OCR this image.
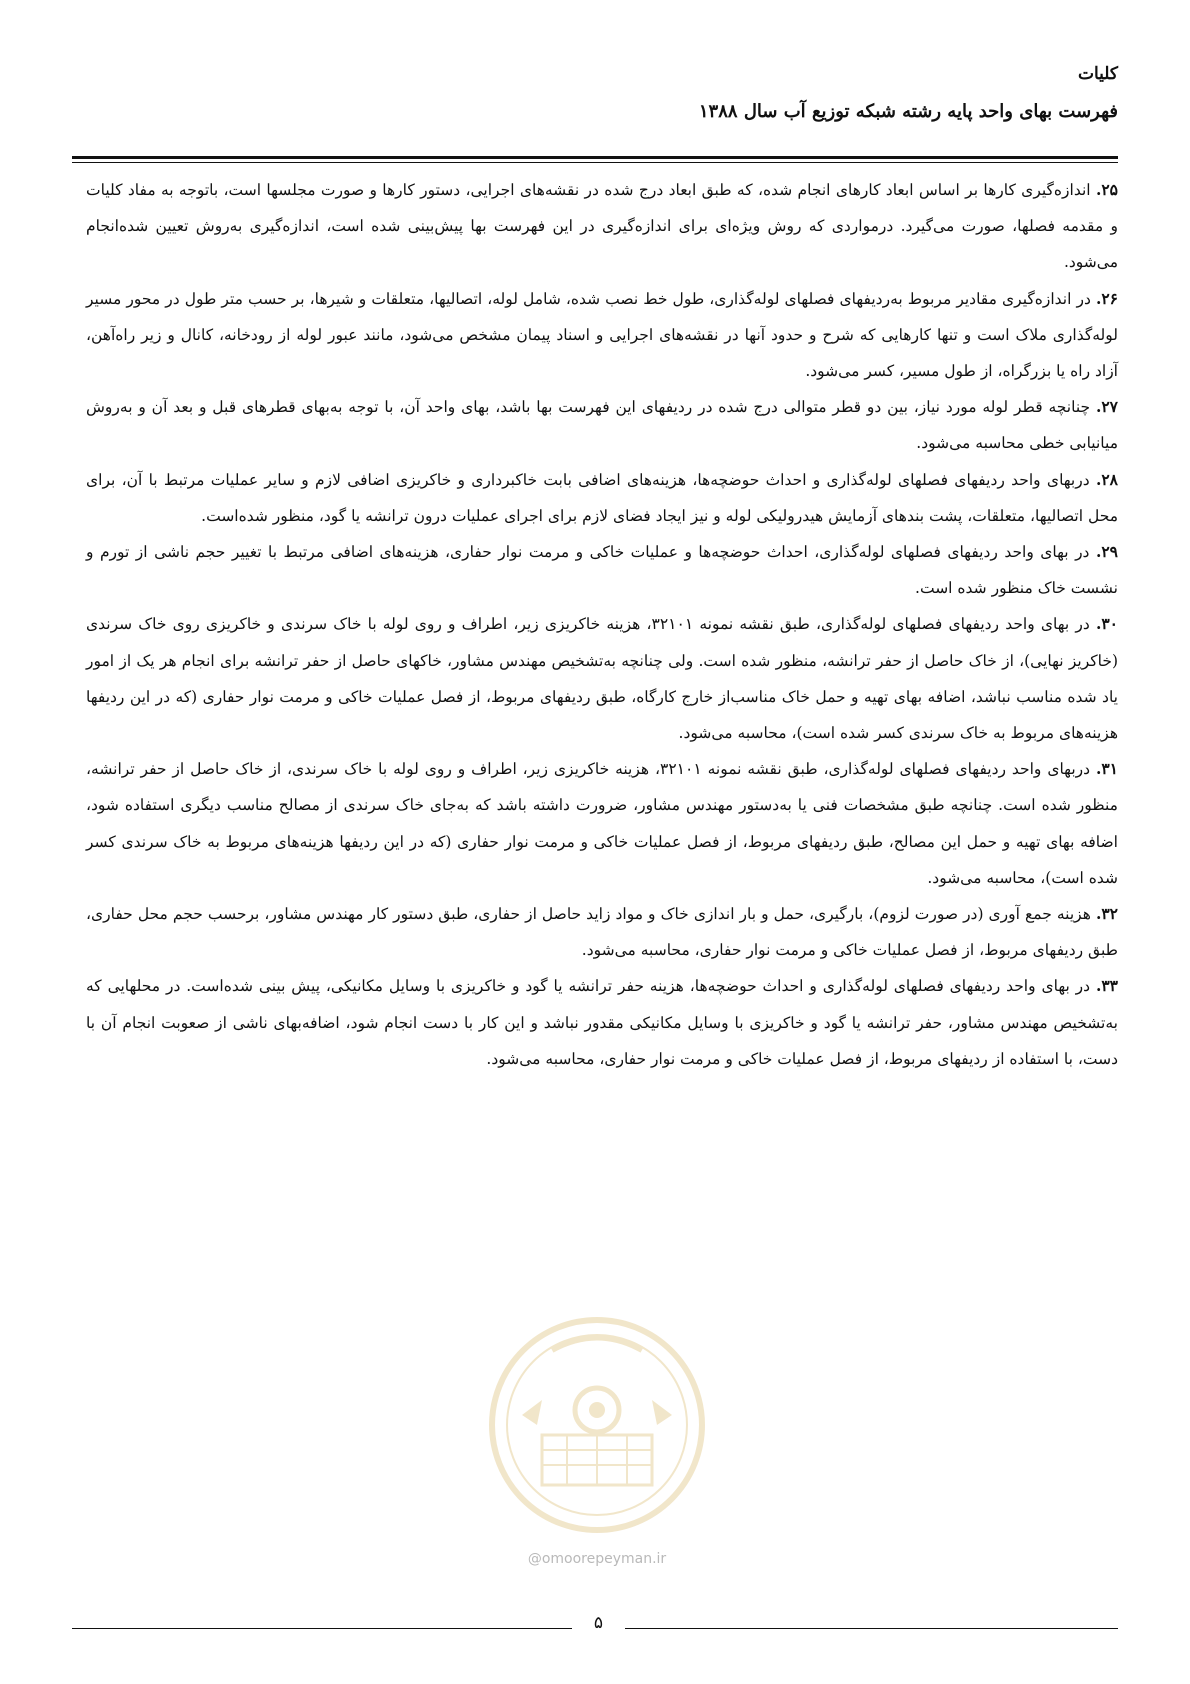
کلیات

فهرست بهای واحد پایه رشته شبکه توزیع آب سال ۱۳۸۸

۲۵. اندازه‌گیری کارها بر اساس ابعاد کارهای انجام شده، که طبق ابعاد درج شده در نقشه‌های اجرایی، دستور کارها و صورت مجلسها است، باتوجه به مفاد کلیات و مقدمه فصلها، صورت می‌گیرد. درمواردی که روش ویژه‌ای برای اندازه‌گیری در این فهرست بها پیش‌بینی شده است، اندازه‌گیری به‌روش تعیین شده‌انجام می‌شود.

۲۶. در اندازه‌گیری مقادیر مربوط به‌ردیفهای فصلهای لوله‌گذاری، طول خط نصب شده، شامل لوله، اتصالیها، متعلقات و شیرها، بر حسب متر طول در محور مسیر لوله‌گذاری ملاک است و تنها کارهایی که شرح و حدود آنها در نقشه‌های اجرایی و اسناد پیمان مشخص می‌شود، مانند عبور لوله از رودخانه، کانال و زیر راه‌آهن، آزاد راه یا بزرگراه، از طول مسیر، کسر می‌شود.

۲۷. چنانچه قطر لوله مورد نیاز، بین دو قطر متوالی درج شده در ردیفهای این فهرست بها باشد، بهای واحد آن، با توجه به‌بهای قطرهای قبل و بعد آن و به‌روش میانیابی خطی محاسبه می‌شود.

۲۸. دربهای واحد ردیفهای فصلهای لوله‌گذاری و احداث حوضچه‌ها، هزینه‌های اضافی بابت خاکبرداری و خاکریزی اضافی لازم و سایر عملیات مرتبط با آن، برای محل اتصالیها، متعلقات، پشت بندهای آزمایش هیدرولیکی لوله و نیز ایجاد فضای لازم برای اجرای عملیات درون ترانشه یا گود، منظور شده‌است.

۲۹. در بهای واحد ردیفهای فصلهای لوله‌گذاری، احداث حوضچه‌ها و عملیات خاکی و مرمت نوار حفاری، هزینه‌های اضافی مرتبط با تغییر حجم ناشی از تورم و نشست خاک منظور شده است.

۳۰. در بهای واحد ردیفهای فصلهای لوله‌گذاری، طبق نقشه نمونه ۳۲۱۰۱، هزینه خاکریزی زیر، اطراف و روی لوله با خاک سرندی و خاکریزی روی خاک سرندی (خاکریز نهایی)، از خاک حاصل از حفر ترانشه، منظور شده است. ولی چنانچه به‌تشخیص مهندس مشاور، خاکهای حاصل از حفر ترانشه برای انجام هر یک از امور یاد شده مناسب نباشد، اضافه بهای تهیه و حمل خاک مناسب‌از خارج کارگاه، طبق ردیفهای مربوط، از فصل عملیات خاکی و مرمت نوار حفاری (که در این ردیفها هزینه‌های مربوط به خاک سرندی کسر شده است)، محاسبه می‌شود.

۳۱. دربهای واحد ردیفهای فصلهای لوله‌گذاری، طبق نقشه نمونه ۳۲۱۰۱، هزینه خاکریزی زیر، اطراف و روی لوله با خاک سرندی، از خاک حاصل از حفر ترانشه، منظور شده است. چنانچه طبق مشخصات فنی یا به‌دستور مهندس مشاور، ضرورت داشته باشد که به‌جای خاک سرندی از مصالح مناسب دیگری استفاده شود، اضافه بهای تهیه و حمل این مصالح، طبق ردیفهای مربوط، از فصل عملیات خاکی و مرمت نوار حفاری (که در این ردیفها هزینه‌های مربوط به خاک سرندی کسر شده است)، محاسبه می‌شود.

۳۲. هزینه جمع آوری (در صورت لزوم)، بارگیری، حمل و بار اندازی خاک و مواد زاید حاصل از حفاری، طبق دستور کار مهندس مشاور، برحسب حجم محل حفاری، طبق ردیفهای مربوط، از فصل عملیات خاکی و مرمت نوار حفاری، محاسبه می‌شود.

۳۳. در بهای واحد ردیفهای فصلهای لوله‌گذاری و احداث حوضچه‌ها، هزینه حفر ترانشه یا گود و خاکریزی با وسایل مکانیکی، پیش بینی شده‌است. در محلهایی که به‌تشخیص مهندس مشاور، حفر ترانشه یا گود و خاکریزی با وسایل مکانیکی مقدور نباشد و این کار با دست انجام شود، اضافه‌بهای ناشی از صعوبت انجام آن با دست، با استفاده از ردیفهای مربوط، از فصل عملیات خاکی و مرمت نوار حفاری، محاسبه می‌شود.

@omoorepeyman.ir
۵
